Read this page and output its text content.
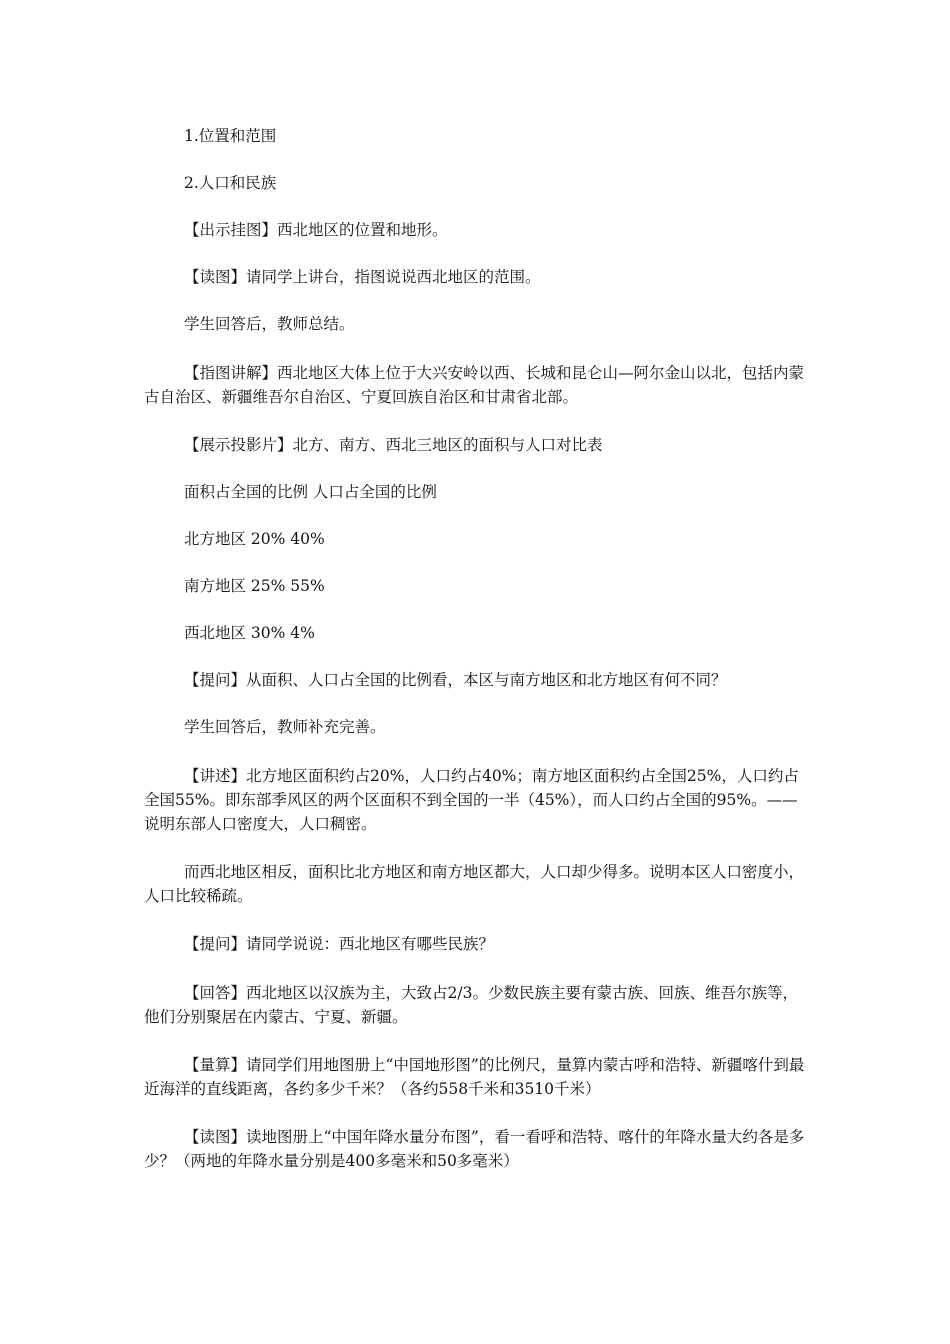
1.位置和范围

2.人口和民族

【出示挂图】西北地区的位置和地形。

【读图】请同学上讲台，指图说说西北地区的范围。

学生回答后，教师总结。

【指图讲解】西北地区大体上位于大兴安岭以西、长城和昆仑山—阿尔金山以北，包括内蒙古自治区、新疆维吾尔自治区、宁夏回族自治区和甘肃省北部。

【展示投影片】北方、南方、西北三地区的面积与人口对比表

面积占全国的比例 人口占全国的比例

北方地区 20% 40%

南方地区 25% 55%

西北地区 30% 4%

【提问】从面积、人口占全国的比例看，本区与南方地区和北方地区有何不同？

学生回答后，教师补充完善。

【讲述】北方地区面积约占20%，人口约占40%；南方地区面积约占全国25%，人口约占全国55%。即东部季风区的两个区面积不到全国的一半（45%），而人口约占全国的95%。——说明东部人口密度大，人口稠密。

而西北地区相反，面积比北方地区和南方地区都大，人口却少得多。说明本区人口密度小，人口比较稀疏。

【提问】请同学说说：西北地区有哪些民族？

【回答】西北地区以汉族为主，大致占2/3。少数民族主要有蒙古族、回族、维吾尔族等，他们分别聚居在内蒙古、宁夏、新疆。

【量算】请同学们用地图册上“中国地形图”的比例尺，量算内蒙古呼和浩特、新疆喀什到最近海洋的直线距离，各约多少千米？（各约558千米和3510千米）

【读图】读地图册上“中国年降水量分布图”，看一看呼和浩特、喀什的年降水量大约各是多少？（两地的年降水量分别是400多毫米和50多毫米）
